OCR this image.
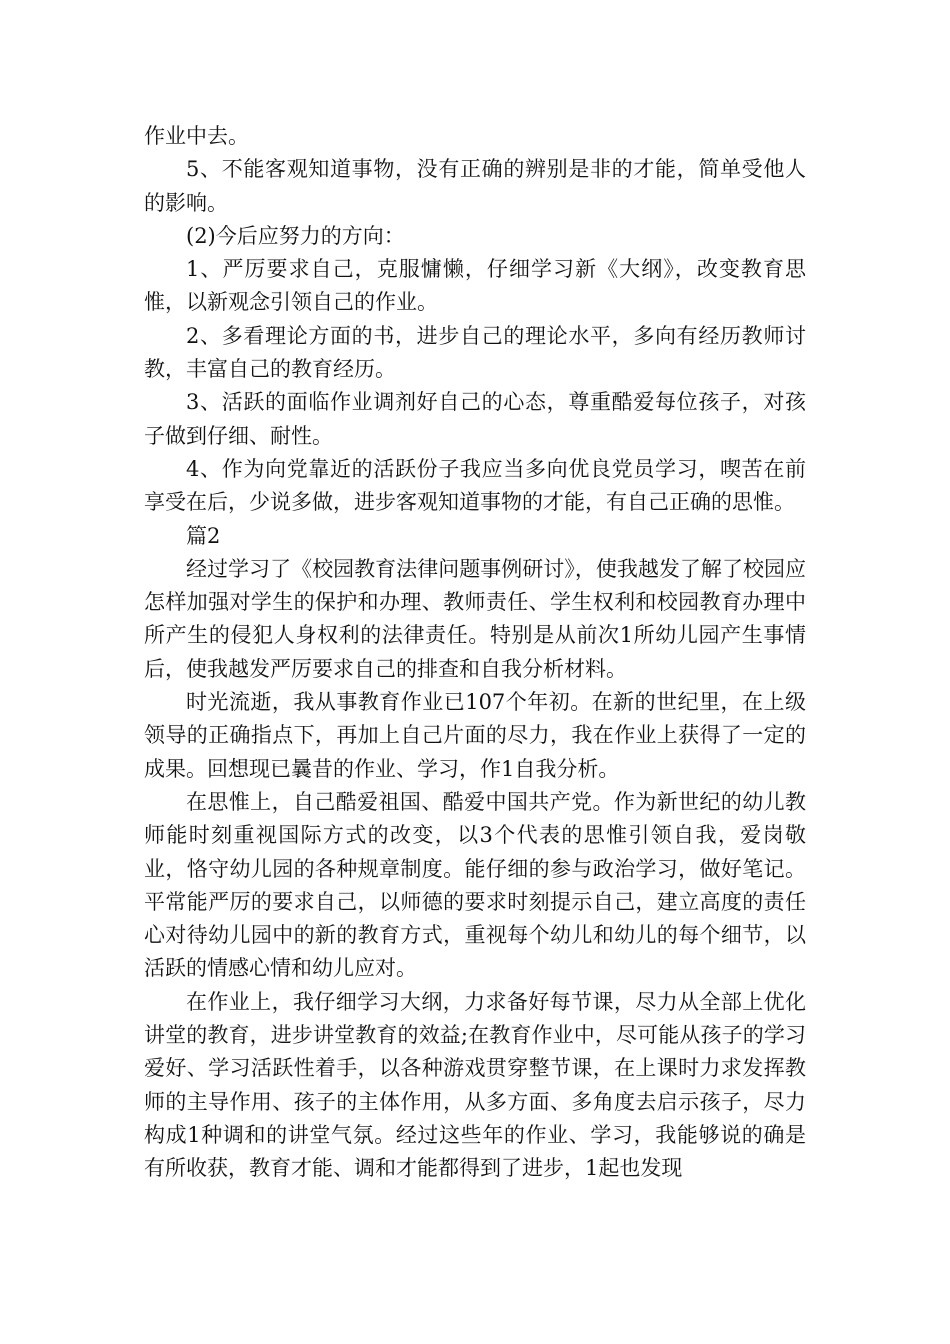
作业中去。

5、不能客观知道事物，没有正确的辨别是非的才能，简单受他人的影响。

(2)今后应努力的方向：

1、严厉要求自己，克服慵懒，仔细学习新《大纲》，改变教育思惟，以新观念引领自己的作业。

2、多看理论方面的书，进步自己的理论水平，多向有经历教师讨教，丰富自己的教育经历。

3、活跃的面临作业调剂好自己的心态，尊重酷爱每位孩子，对孩子做到仔细、耐性。

4、作为向党靠近的活跃份子我应当多向优良党员学习，喫苦在前享受在后，少说多做，进步客观知道事物的才能，有自己正确的思惟。

篇2

经过学习了《校园教育法律问题事例研讨》，使我越发了解了校园应怎样加强对学生的保护和办理、教师责任、学生权利和校园教育办理中所产生的侵犯人身权利的法律责任。特别是从前次1所幼儿园产生事情后，使我越发严厉要求自己的排查和自我分析材料。

时光流逝，我从事教育作业已107个年初。在新的世纪里，在上级领导的正确指点下，再加上自己片面的尽力，我在作业上获得了一定的成果。回想现已曩昔的作业、学习，作1自我分析。

在思惟上，自己酷爱祖国、酷爱中国共产党。作为新世纪的幼儿教师能时刻重视国际方式的改变，以3个代表的思惟引领自我，爱岗敬业，恪守幼儿园的各种规章制度。能仔细的参与政治学习，做好笔记。平常能严厉的要求自己，以师德的要求时刻提示自己，建立高度的责任心对待幼儿园中的新的教育方式，重视每个幼儿和幼儿的每个细节，以活跃的情感心情和幼儿应对。

在作业上，我仔细学习大纲，力求备好每节课，尽力从全部上优化讲堂的教育，进步讲堂教育的效益;在教育作业中，尽可能从孩子的学习爱好、学习活跃性着手，以各种游戏贯穿整节课，在上课时力求发挥教师的主导作用、孩子的主体作用，从多方面、多角度去启示孩子，尽力构成1种调和的讲堂气氛。经过这些年的作业、学习，我能够说的确是有所收获，教育才能、调和才能都得到了进步，1起也发现
